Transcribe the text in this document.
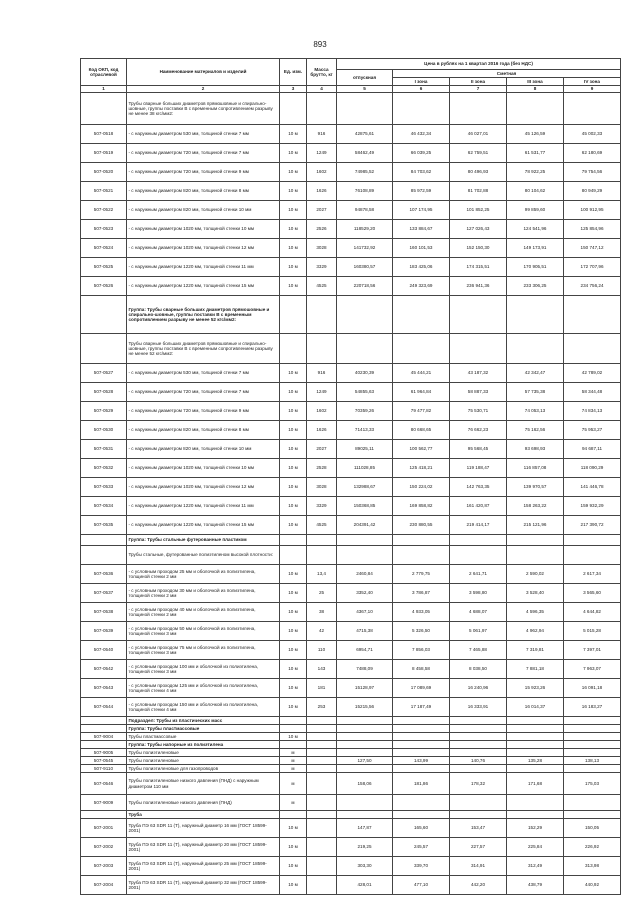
893
Код ОКП, код отраслевой	Наименование материалов и изделий	Ед. изм.	Масса брутто, кг	Цена в рублях на 1 квартал 2016 года (без НДС)				
				отпускная	Сметная			
					I зона	II зона	III зона	IV зона
1	2	3	4	5	6	7	8	9
	Трубы сварные больших диаметров прямошовные и спирально-шовные, группы поставки В с временным сопротивлением разрыву не менее 38 кгс/мм2:							
507-0518	- с наружным диаметром 530 мм, толщиной стенки 7 мм	10 м	916	42875,61	46 432,34	46 027,01	45 126,59	45 002,33
507-0519	- с наружным диаметром 720 мм, толщиной стенки 7 мм	10 м	1249	58462,49	66 039,25	62 759,51	61 531,77	62 180,69
507-0520	- с наружным диаметром 720 мм, толщиной стенки 9 мм	10 м	1602	74985,52	84 703,62	80 496,93	78 922,25	79 754,56
507-0521	- с наружным диаметром 820 мм, толщиной стенки 8 мм	10 м	1626	76108,89	85 972,59	81 702,88	80 104,62	80 949,29
507-0522	- с наружным диаметром 820 мм, толщиной стенки 10 мм	10 м	2027	94878,58	107 174,95	101 852,25	99 859,60	100 912,95
507-0523	- с наружным диаметром 1020 мм, толщиной стенки 10 мм	10 м	2526	118529,20	133 884,67	127 026,43	124 541,96	125 854,96
507-0524	- с наружным диаметром 1020 мм, толщиной стенки 12 мм	10 м	3028	141732,92	160 101,53	152 150,30	149 173,91	150 747,12
507-0525	- с наружным диаметром 1220 мм, толщиной стенки 11 мм	10 м	3329	160380,57	183 425,06	174 315,51	170 905,51	172 707,96
507-0526	- с наружным диаметром 1220 мм, толщиной стенки 15 мм	10 м	4525	220718,56	249 323,69	236 941,36	233 306,25	234 756,24
	Группа: Трубы сварные больших диаметров прямошовные и спирально-шовные, группы поставки В с временным сопротивлением разрыву не менее 52 кгс/мм2:							
	Трубы сварные больших диаметров прямошовные и спирально-шовные, группы поставки В с временным сопротивлением разрыву не менее 52 кгс/мм2:							
507-0527	- с наружным диаметром 530 мм, толщиной стенки 7 мм	10 м	916	40230,39	45 444,21	43 187,32	42 342,47	42 789,02
507-0528	- с наружным диаметром 720 мм, толщиной стенки 7 мм	10 м	1249	54855,63	61 964,84	58 887,33	57 735,38	58 344,48
507-0529	- с наружным диаметром 720 мм, толщиной стенки 9 мм	10 м	1602	70359,26	79 477,82	75 530,71	74 053,13	74 834,13
507-0530	- с наружным диаметром 820 мм, толщиной стенки 8 мм	10 м	1626	71413,33	80 668,65	76 662,23	75 162,56	75 953,27
507-0531	- с наружным диаметром 820 мм, толщиной стенки 10 мм	10 м	2027	89025,11	100 562,77	95 568,45	93 698,93	94 687,11
507-0532	- с наружным диаметром 1020 мм, толщиной стенки 10 мм	10 м	2528	111028,85	125 418,21	119 188,47	116 857,08	118 090,29
507-0533	- с наружным диаметром 1020 мм, толщиной стенки 12 мм	10 м	3028	132988,67	150 224,02	142 763,35	139 970,57	141 446,78
507-0534	- с наружным диаметром 1220 мм, толщиной стенки 11 мм	10 м	3329	150368,85	169 858,82	161 420,87	158 263,22	159 932,29
507-0535	- с наружным диаметром 1220 мм, толщиной стенки 15 мм	10 м	4525	204391,42	230 880,55	219 414,17	215 121,96	217 390,72
	Группа: Трубы стальные футерованные пластиком							
	Трубы стальные, футерованные полиэтиленом высокой плотности:							
507-0536	- с условным проходом 25 мм и оболочкой из полиэтилена, толщиной стенки 2 мм	10 м	13,4	2460,84	2 779,75	2 641,71	2 590,02	2 617,34
507-0537	- с условным проходом 30 мм и оболочкой из полиэтилена, толщиной стенки 2 мм	10 м	25	3352,40	3 786,87	3 598,80	3 528,40	3 565,60
507-0538	- с условным проходом 40 мм и оболочкой из полиэтилена, толщиной стенки 2 мм	10 м	38	4367,10	4 933,05	4 688,07	4 596,35	4 644,82
507-0539	- с условным проходом 50 мм и оболочкой из полиэтилена, толщиной стенки 3 мм	10 м	42	4715,38	5 326,50	5 061,97	4 962,94	5 015,28
507-0540	- с условным проходом 75 мм и оболочкой из полиэтилена, толщиной стенки 3 мм	10 м	110	6954,71	7 856,03	7 465,88	7 319,81	7 397,01
507-0542	- с условным проходом 100 мм и оболочкой из полиэтилена, толщиной стенки 3 мм	10 м	143	7488,09	8 458,58	8 038,50	7 881,18	7 963,07
507-0543	- с условным проходом 125 мм и оболочкой из полиэтилена, толщиной стенки 4 мм	10 м	181	15128,97	17 089,69	16 240,96	15 923,26	16 091,18
507-0544	- с условным проходом 150 мм и оболочкой из полиэтилена, толщиной стенки 4 мм	10 м	253	15215,56	17 187,49	16 333,91	16 014,37	16 183,27
	Подраздел: Трубы из пластических масс							
	Группа: Трубы пластмассовые							
507-9004	Трубы пластмассовые	10 м						
	Группа: Трубы напорные из полиэтилена							
507-9005	Трубы полиэтиленовые	м						
507-0545	Трубы полиэтиленовые	м		127,50	143,99	140,76	135,28	138,13
507-9110	Трубы полиэтиленовые для газопроводов	м						
507-0546	Трубы полиэтиленовые низкого давления (ПНД) с наружным диаметром 110 мм	м		158,06	181,86	178,32	171,68	175,03
507-9009	Трубы полиэтиленовые низкого давления (ПНД)	м						
	Труба							
507-2001	Труба ПЭ 63 SDR 11 (Т), наружный диаметр 16 мм (ГОСТ 18599-2001)	10 м		147,87	165,60	153,47	152,29	150,05
507-2002	Труба ПЭ 63 SDR 11 (Т), наружный диаметр 20 мм (ГОСТ 18599-2001)	10 м		219,25	245,57	227,57	225,84	226,92
507-2003	Труба ПЭ 63 SDR 11 (Т), наружный диаметр 25 мм (ГОСТ 18599-2001)	10 м		303,30	339,70	314,91	312,49	313,98
507-2004	Труба ПЭ 63 SDR 11 (Т), наружный диаметр 32 мм (ГОСТ 18599-2001)	10 м		428,01	477,10	442,20	438,79	440,92
